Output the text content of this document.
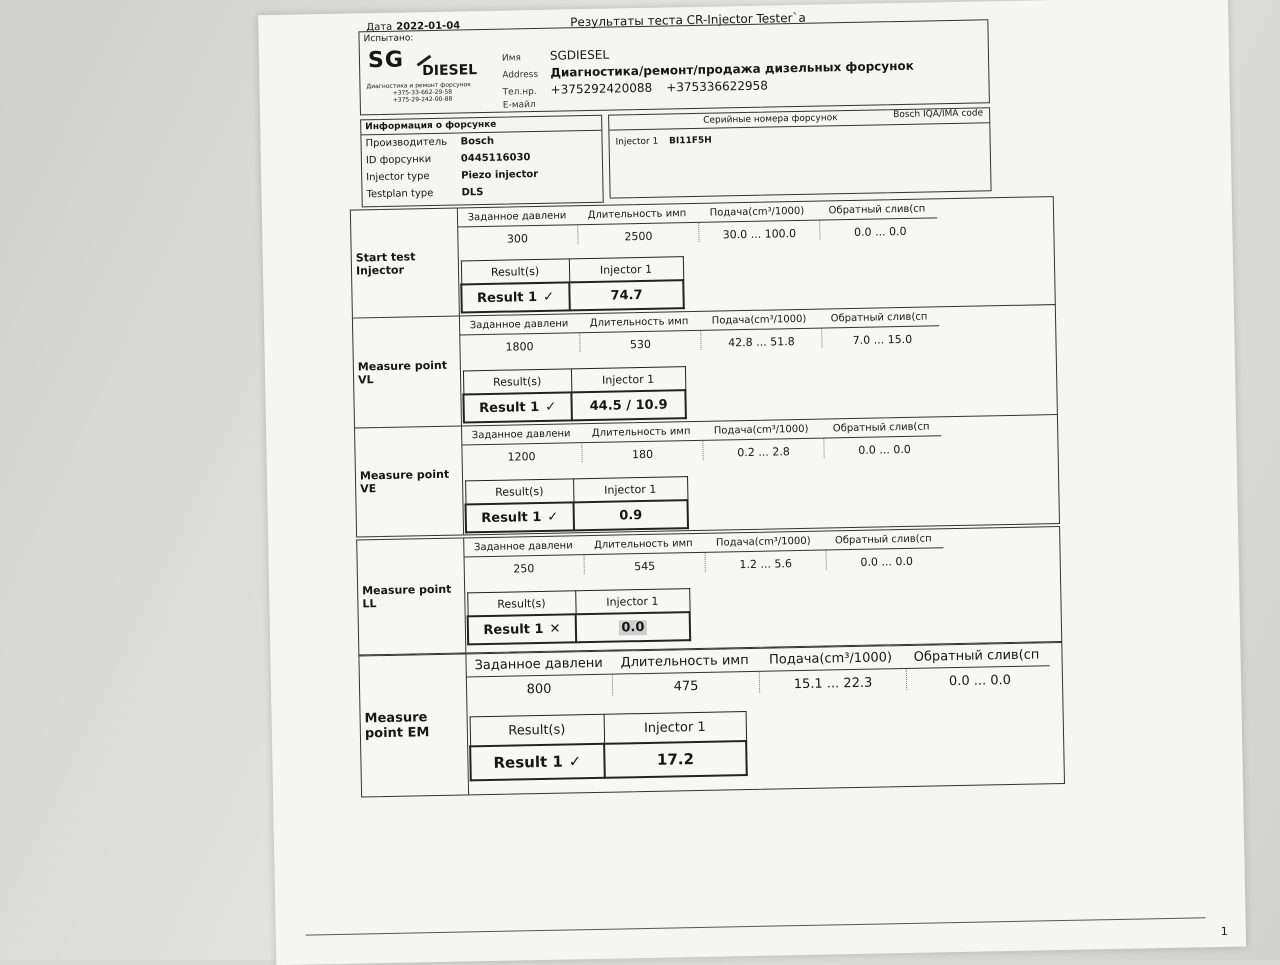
Дата 2022-01-04	Результаты теста CR-Injector Tester`a
Испытано:
SG DIESEL
Диагностика и ремонт форсунок
+375-33-662-29-58
+375-29-242-00-88
Имя	SGDIESEL
Address Диагностика/ремонт/продажа дизельных форсунок
Тел.нр.	+375292420088 +375336622958
E-майл
Информация о форсунке
Производитель	Bosch
ID форсунки	0445116030
Injector type	Piezo injector
Testplan type	DLS
Серийные номера форсунок	Bosch IQA/IMA code
Injector 1 BI11F5H
Start test Injector
Заданное давлени	Длительность имп	Подача(cm³/1000)	Обратный слив(сп
300	2500	30.0 ... 100.0	0.0 ... 0.0
Result(s)	Injector 1
Result 1 ✓	74.7
Measure point VL
Заданное давлени	Длительность имп	Подача(cm³/1000)	Обратный слив(сп
1800	530	42.8 ... 51.8	7.0 ... 15.0
Result(s)	Injector 1
Result 1 ✓	44.5 / 10.9
Measure point VE
Заданное давлени	Длительность имп	Подача(cm³/1000)	Обратный слив(сп
1200	180	0.2 ... 2.8	0.0 ... 0.0
Result(s)	Injector 1
Result 1 ✓	0.9
Measure point LL
Заданное давлени	Длительность имп	Подача(cm³/1000)	Обратный слив(сп
250	545	1.2 ... 5.6	0.0 ... 0.0
Result(s)	Injector 1
Result 1 ✕	0.0
Measure point EM
Заданное давлени	Длительность имп	Подача(cm³/1000)	Обратный слив(сп
800	475	15.1 ... 22.3	0.0 ... 0.0
Result(s)	Injector 1
Result 1 ✓	17.2
1
